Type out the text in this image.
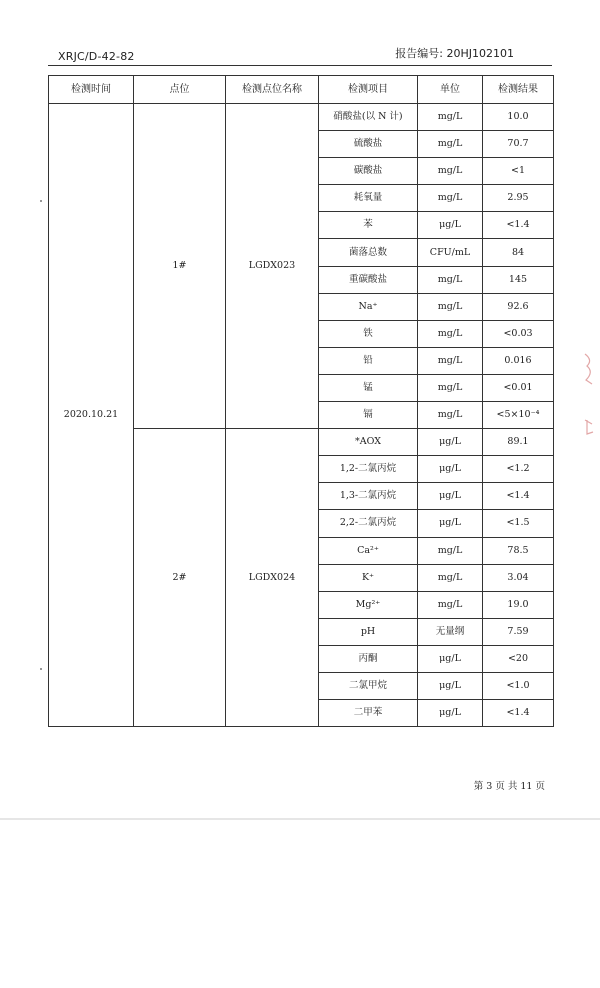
XRJC/D-42-82	报告编号: 20HJ102101
检测时间	点位	检测点位名称	检测项目	单位	检测结果
2020.10.21	1#	LGDX023	硝酸盐(以 N 计)	mg/L	10.0
			硫酸盐	mg/L	70.7
			碳酸盐	mg/L	<1
			耗氧量	mg/L	2.95
			苯	μg/L	<1.4
			菌落总数	CFU/mL	84
			重碳酸盐	mg/L	145
			Na⁺	mg/L	92.6
			铁	mg/L	<0.03
			铅	mg/L	0.016
			锰	mg/L	<0.01
			镉	mg/L	<5×10⁻⁴
	2#	LGDX024	*AOX	μg/L	89.1
			1,2-二氯丙烷	μg/L	<1.2
			1,3-二氯丙烷	μg/L	<1.4
			2,2-二氯丙烷	μg/L	<1.5
			Ca²⁺	mg/L	78.5
			K⁺	mg/L	3.04
			Mg²⁺	mg/L	19.0
			pH	无量纲	7.59
			丙酮	μg/L	<20
			二氯甲烷	μg/L	<1.0
			二甲苯	μg/L	<1.4
第 3 页 共 11 页
